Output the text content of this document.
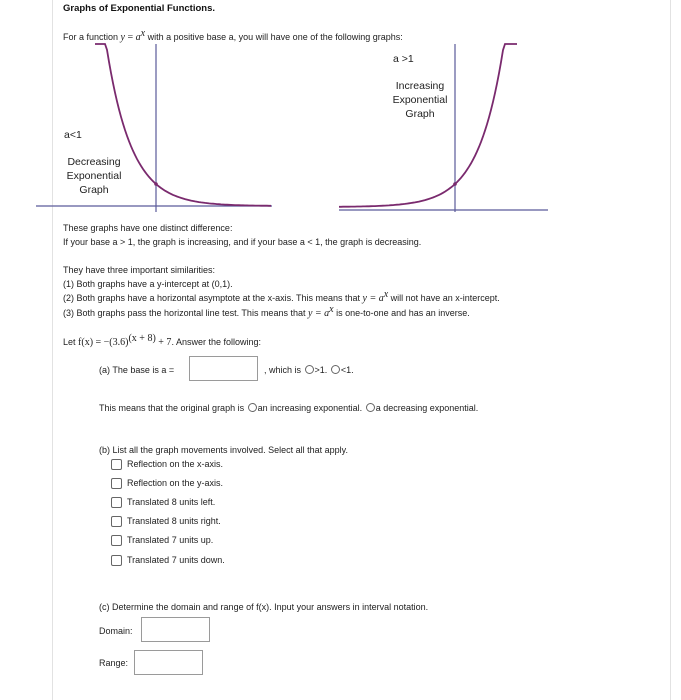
Graphs of Exponential Functions.
For a function $y = a^x$ with a positive base a, you will have one of the following graphs:
a<1
Decreasing
Exponential
Graph
a >1
Increasing
Exponential
Graph
These graphs have one distinct difference:
If your base a > 1, the graph is increasing, and if your base a < 1, the graph is decreasing.
They have three important similarities:
(1) Both graphs have a y-intercept at (0,1).
(2) Both graphs have a horizontal asymptote at the x-axis. This means that $y = a^x$ will not have an x-intercept.
(3) Both graphs pass the horizontal line test. This means that $y = a^x$ is one-to-one and has an inverse.
Let $f(x) = -(3.6)^{(x + 8)} + 7$. Answer the following:
(a) The base is a =	, which is >1. <1.
This means that the original graph is an increasing exponential. a decreasing exponential.
(b) List all the graph movements involved. Select all that apply.
Reflection on the x-axis.
Reflection on the y-axis.
Translated 8 units left.
Translated 8 units right.
Translated 7 units up.
Translated 7 units down.
(c) Determine the domain and range of f(x). Input your answers in interval notation.
Domain:
Range:
